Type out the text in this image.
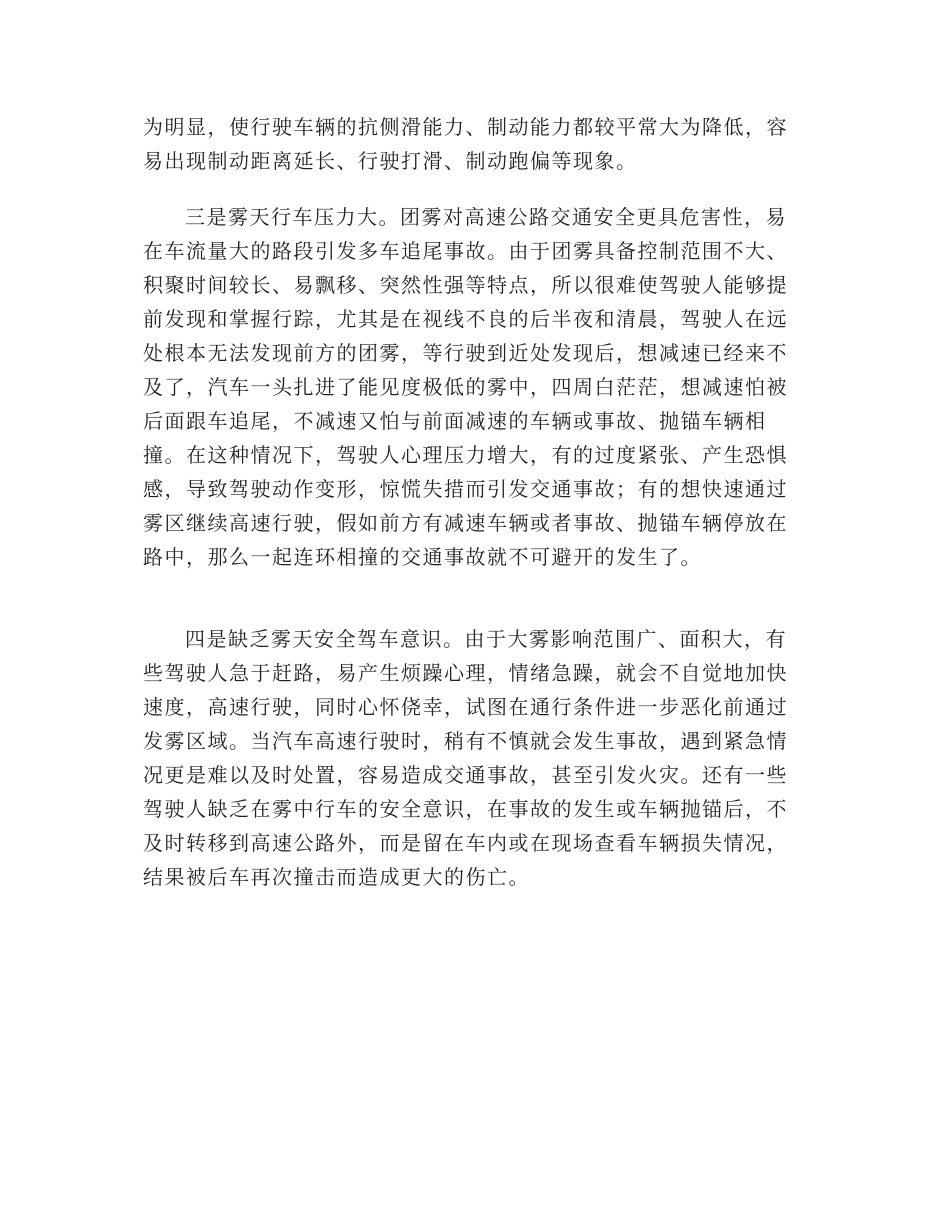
为明显，使行驶车辆的抗侧滑能力、制动能力都较平常大为降低，容
易出现制动距离延长、行驶打滑、制动跑偏等现象。
三是雾天行车压力大。团雾对高速公路交通安全更具危害性，易
在车流量大的路段引发多车追尾事故。由于团雾具备控制范围不大、
积聚时间较长、易飘移、突然性强等特点，所以很难使驾驶人能够提
前发现和掌握行踪，尤其是在视线不良的后半夜和清晨，驾驶人在远
处根本无法发现前方的团雾，等行驶到近处发现后，想减速已经来不
及了，汽车一头扎进了能见度极低的雾中，四周白茫茫，想减速怕被
后面跟车追尾，不减速又怕与前面减速的车辆或事故、抛锚车辆相
撞。在这种情况下，驾驶人心理压力增大，有的过度紧张、产生恐惧
感，导致驾驶动作变形，惊慌失措而引发交通事故；有的想快速通过
雾区继续高速行驶，假如前方有减速车辆或者事故、抛锚车辆停放在
路中，那么一起连环相撞的交通事故就不可避开的发生了。
四是缺乏雾天安全驾车意识。由于大雾影响范围广、面积大，有
些驾驶人急于赶路，易产生烦躁心理，情绪急躁，就会不自觉地加快
速度，高速行驶，同时心怀侥幸，试图在通行条件进一步恶化前通过
发雾区域。当汽车高速行驶时，稍有不慎就会发生事故，遇到紧急情
况更是难以及时处置，容易造成交通事故，甚至引发火灾。还有一些
驾驶人缺乏在雾中行车的安全意识，在事故的发生或车辆抛锚后，不
及时转移到高速公路外，而是留在车内或在现场查看车辆损失情况，
结果被后车再次撞击而造成更大的伤亡。
